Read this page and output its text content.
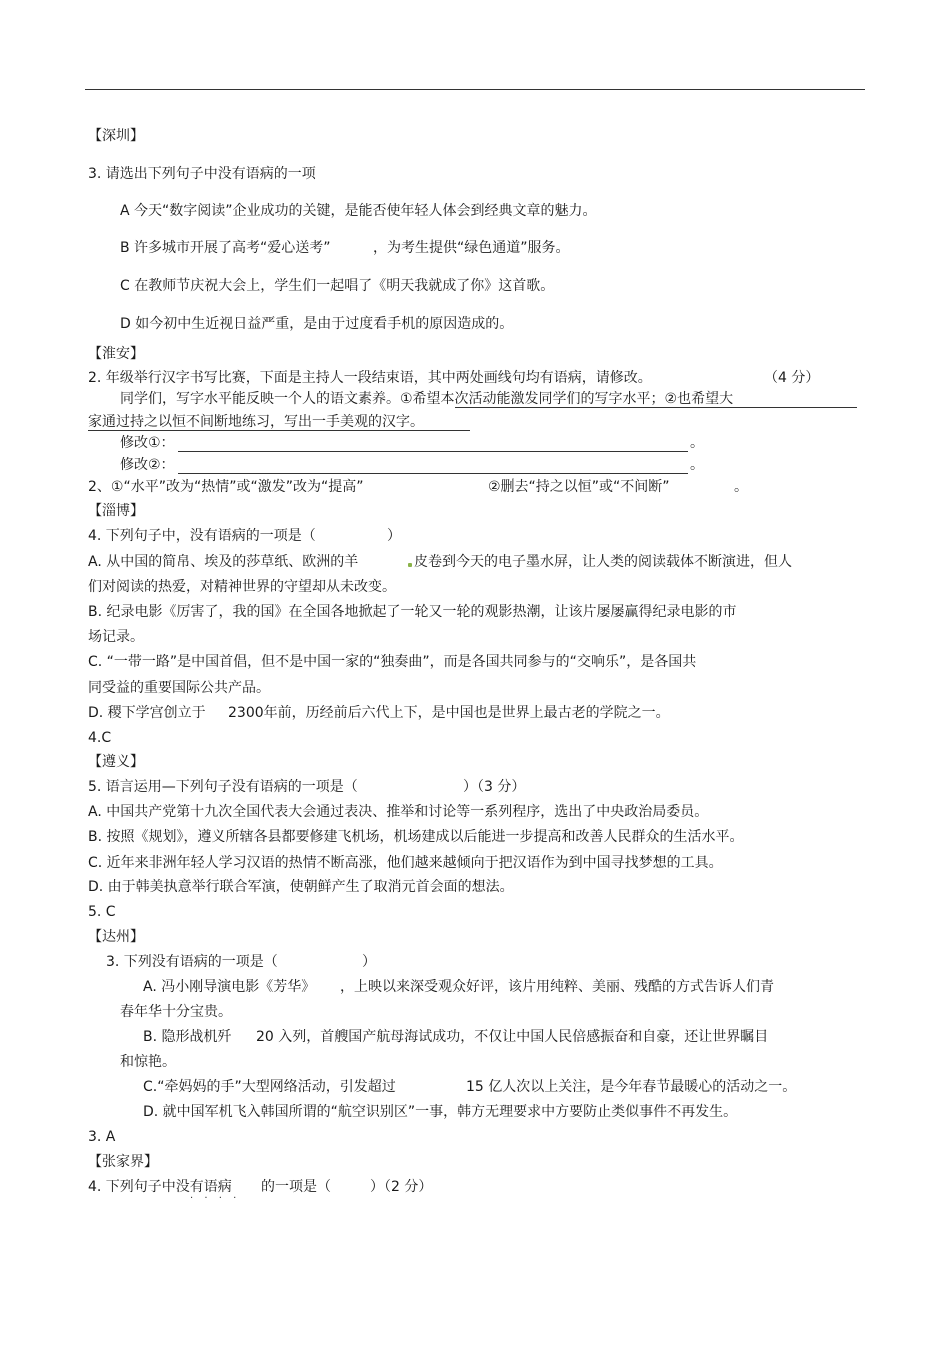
【深圳】
3. 请选出下列句子中没有语病的一项
A 今天“数字阅读”企业成功的关键，是能否使年轻人体会到经典文章的魅力。
B 许多城市开展了高考“爱心送考”	，为考生提供“绿色通道”服务。
C 在教师节庆祝大会上，学生们一起唱了《明天我就成了你》这首歌。
D 如今初中生近视日益严重，是由于过度看手机的原因造成的。
【淮安】
2. 年级举行汉字书写比赛，下面是主持人一段结束语，其中两处画线句均有语病，请修改。	（4 分）
同学们，写字水平能反映一个人的语文素养。①希望本次活动能激发同学们的写字水平；②也希望大
家通过持之以恒不间断地练习，写出一手美观的汉字。
修改①：	。
修改②：	。
2、①“水平”改为“热情”或“激发”改为“提高”	②删去“持之以恒”或“不间断”	。
【淄博】
4. 下列句子中，没有语病的一项是（	）
A. 从中国的简帛、埃及的莎草纸、欧洲的羊	皮卷到今天的电子墨水屏，让人类的阅读载体不断演进，但人
们对阅读的热爱，对精神世界的守望却从未改变。
B. 纪录电影《厉害了，我的国》在全国各地掀起了一轮又一轮的观影热潮，让该片屡屡赢得纪录电影的市
场记录。
C. “一带一路”是中国首倡，但不是中国一家的“独奏曲”，而是各国共同参与的“交响乐”，是各国共
同受益的重要国际公共产品。
D. 稷下学宫创立于 2300年前，历经前后六代上下，是中国也是世界上最古老的学院之一。
4.C
【遵义】
5. 语言运用—下列句子没有语病的一项是（	）（3 分）
A. 中国共产党第十九次全国代表大会通过表决、推举和讨论等一系列程序，选出了中央政治局委员。
B. 按照《规划》，遵义所辖各县都要修建飞机场，机场建成以后能进一步提高和改善人民群众的生活水平。
C. 近年来非洲年轻人学习汉语的热情不断高涨，他们越来越倾向于把汉语作为到中国寻找梦想的工具。
D. 由于韩美执意举行联合军演，使朝鲜产生了取消元首会面的想法。
5. C
【达州】
3. 下列没有语病的一项是（	）
A. 冯小刚导演电影《芳华》 ，上映以来深受观众好评，该片用纯粹、美丽、残酷的方式告诉人们青
春年华十分宝贵。
B. 隐形战机歼 20 入列，首艘国产航母海试成功，不仅让中国人民倍感振奋和自豪，还让世界瞩目
和惊艳。
C.“牵妈妈的手”大型网络活动，引发超过	15 亿人次以上关注，是今年春节最暖心的活动之一。
D. 就中国军机飞入韩国所谓的“航空识别区”一事，韩方无理要求中方要防止类似事件不再发生。
3. A
【张家界】
4. 下列句子中没有语病
· · · ·
的一项是（	）（2 分）
